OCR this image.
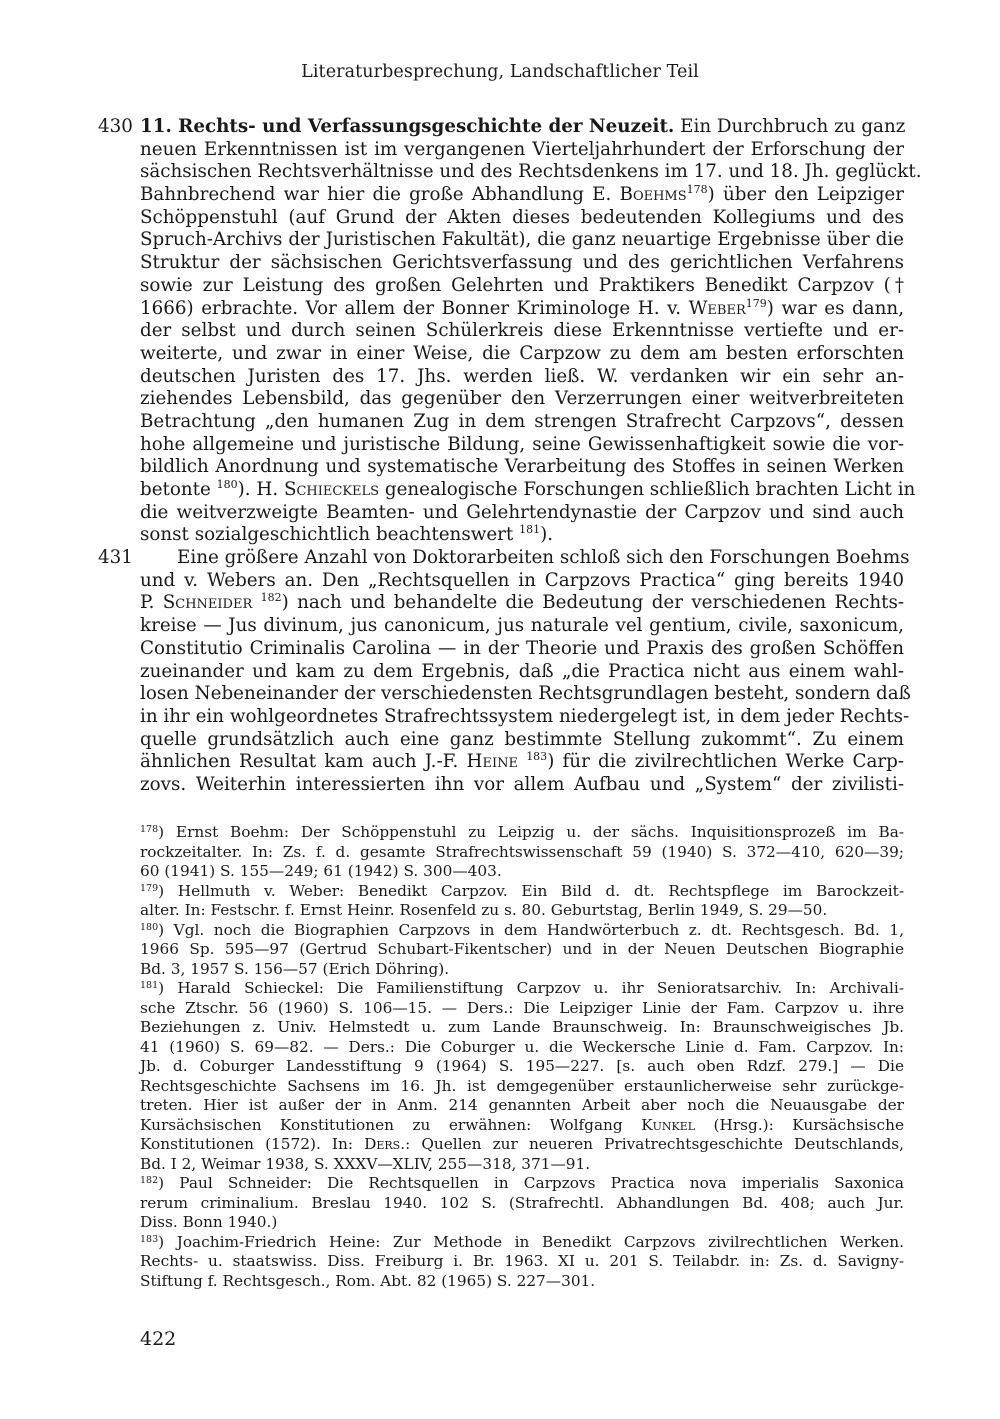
Literaturbesprechung, Landschaftlicher Teil
11. Rechts- und Verfassungsgeschichte der Neuzeit. Ein Durchbruch zu ganz
neuen Erkenntnissen ist im vergangenen Vierteljahrhundert der Erforschung der
sächsischen Rechtsverhältnisse und des Rechtsdenkens im 17. und 18. Jh. geglückt.
Bahnbrechend war hier die große Abhandlung E. Boehms$^{178}$) über den Leipziger
Schöppenstuhl (auf Grund der Akten dieses bedeutenden Kollegiums und des
Spruch-Archivs der Juristischen Fakultät), die ganz neuartige Ergebnisse über die
Struktur der sächsischen Gerichtsverfassung und des gerichtlichen Verfahrens
sowie zur Leistung des großen Gelehrten und Praktikers Benedikt Carpzov (†
1666) erbrachte. Vor allem der Bonner Kriminologe H. v. Weber$^{179}$) war es dann,
der selbst und durch seinen Schülerkreis diese Erkenntnisse vertiefte und er-
weiterte, und zwar in einer Weise, die Carpzow zu dem am besten erforschten
deutschen Juristen des 17. Jhs. werden ließ. W. verdanken wir ein sehr an-
ziehendes Lebensbild, das gegenüber den Verzerrungen einer weitverbreiteten
Betrachtung „den humanen Zug in dem strengen Strafrecht Carpzovs“, dessen
hohe allgemeine und juristische Bildung, seine Gewissenhaftigkeit sowie die vor-
bildlich Anordnung und systematische Verarbeitung des Stoffes in seinen Werken
betonte $^{180}$). H. Schieckels genealogische Forschungen schließlich brachten Licht in
die weitverzweigte Beamten- und Gelehrtendynastie der Carpzov und sind auch
sonst sozialgeschichtlich beachtenswert $^{181}$).
Eine größere Anzahl von Doktorarbeiten schloß sich den Forschungen Boehms
und v. Webers an. Den „Rechtsquellen in Carpzovs Practica“ ging bereits 1940
P. Schneider $^{182}$) nach und behandelte die Bedeutung der verschiedenen Rechts-
kreise — Jus divinum, jus canonicum, jus naturale vel gentium, civile, saxonicum,
Constitutio Criminalis Carolina — in der Theorie und Praxis des großen Schöffen
zueinander und kam zu dem Ergebnis, daß „die Practica nicht aus einem wahl-
losen Nebeneinander der verschiedensten Rechtsgrundlagen besteht, sondern daß
in ihr ein wohlgeordnetes Strafrechtssystem niedergelegt ist, in dem jeder Rechts-
quelle grundsätzlich auch eine ganz bestimmte Stellung zukommt“. Zu einem
ähnlichen Resultat kam auch J.-F. Heine $^{183}$) für die zivilrechtlichen Werke Carp-
zovs. Weiterhin interessierten ihn vor allem Aufbau und „System“ der zivilisti-
430
431
$^{178}$) Ernst Boehm: Der Schöppenstuhl zu Leipzig u. der sächs. Inquisitionsprozeß im Ba-
rockzeitalter. In: Zs. f. d. gesamte Strafrechtswissenschaft 59 (1940) S. 372—410, 620—39;
60 (1941) S. 155—249; 61 (1942) S. 300—403.
$^{179}$) Hellmuth v. Weber: Benedikt Carpzov. Ein Bild d. dt. Rechtspflege im Barockzeit-
alter. In: Festschr. f. Ernst Heinr. Rosenfeld zu s. 80. Geburtstag, Berlin 1949, S. 29—50.
$^{180}$) Vgl. noch die Biographien Carpzovs in dem Handwörterbuch z. dt. Rechtsgesch. Bd. 1,
1966 Sp. 595—97 (Gertrud Schubart-Fikentscher) und in der Neuen Deutschen Biographie
Bd. 3, 1957 S. 156—57 (Erich Döhring).
$^{181}$) Harald Schieckel: Die Familienstiftung Carpzov u. ihr Senioratsarchiv. In: Archivali-
sche Ztschr. 56 (1960) S. 106—15. — Ders.: Die Leipziger Linie der Fam. Carpzov u. ihre
Beziehungen z. Univ. Helmstedt u. zum Lande Braunschweig. In: Braunschweigisches Jb.
41 (1960) S. 69—82. — Ders.: Die Coburger u. die Weckersche Linie d. Fam. Carpzov. In:
Jb. d. Coburger Landesstiftung 9 (1964) S. 195—227. [s. auch oben Rdzf. 279.] — Die
Rechtsgeschichte Sachsens im 16. Jh. ist demgegenüber erstaunlicherweise sehr zurückge-
treten. Hier ist außer der in Anm. 214 genannten Arbeit aber noch die Neuausgabe der
Kursächsischen Konstitutionen zu erwähnen: Wolfgang Kunkel (Hrsg.): Kursächsische
Konstitutionen (1572). In: Ders.: Quellen zur neueren Privatrechtsgeschichte Deutschlands,
Bd. I 2, Weimar 1938, S. XXXV—XLIV, 255—318, 371—91.
$^{182}$) Paul Schneider: Die Rechtsquellen in Carpzovs Practica nova imperialis Saxonica
rerum criminalium. Breslau 1940. 102 S. (Strafrechtl. Abhandlungen Bd. 408; auch Jur.
Diss. Bonn 1940.)
$^{183}$) Joachim-Friedrich Heine: Zur Methode in Benedikt Carpzovs zivilrechtlichen Werken.
Rechts- u. staatswiss. Diss. Freiburg i. Br. 1963. XI u. 201 S. Teilabdr. in: Zs. d. Savigny-
Stiftung f. Rechtsgesch., Rom. Abt. 82 (1965) S. 227—301.
422
